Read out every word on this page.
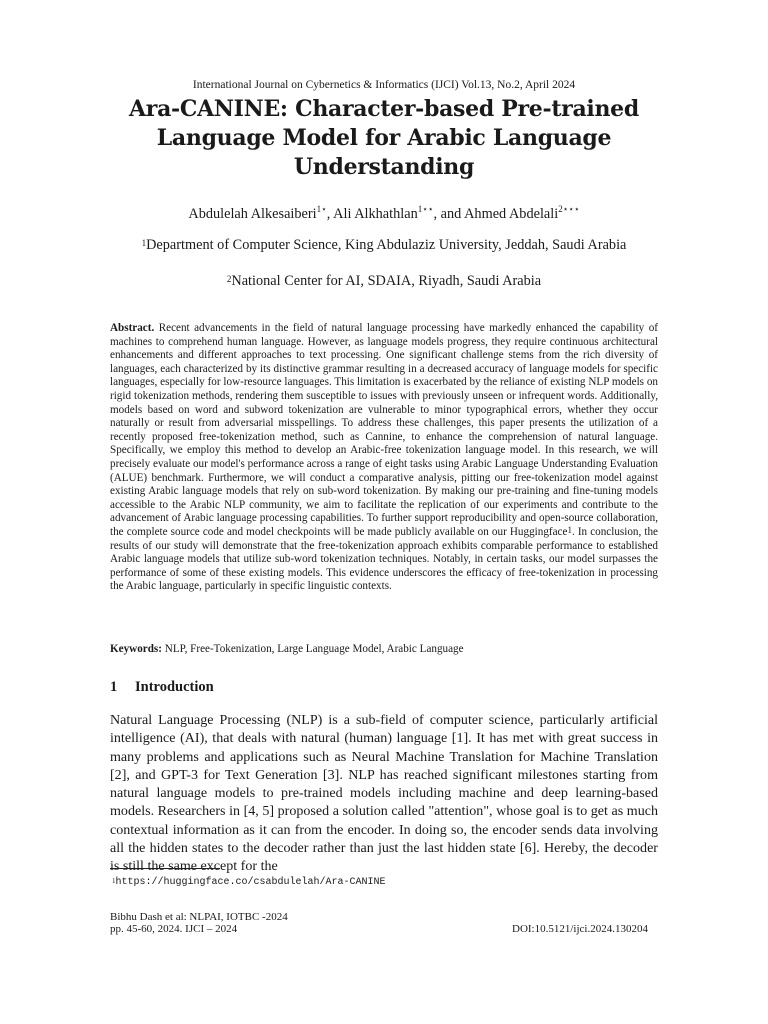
International Journal on Cybernetics & Informatics (IJCI) Vol.13, No.2, April 2024
Ara-CANINE: Character-based Pre-trained
Language Model for Arabic Language
Understanding
Abdulelah Alkesaiberi$^{1⋆}$, Ali Alkhathlan$^{1⋆⋆}$, and Ahmed Abdelali$^{2⋆⋆⋆}$
$^1$Department of Computer Science, King Abdulaziz University, Jeddah, Saudi Arabia
$^2$National Center for AI, SDAIA, Riyadh, Saudi Arabia
Abstract. Recent advancements in the field of natural language processing have markedly enhanced the capability of machines to comprehend human language. However, as language models progress, they require continuous architectural enhancements and different approaches to text processing. One significant challenge stems from the rich diversity of languages, each characterized by its distinctive grammar resulting in a decreased accuracy of language models for specific languages, especially for low-resource languages. This limitation is exacerbated by the reliance of existing NLP models on rigid tokenization methods, rendering them susceptible to issues with previously unseen or infrequent words. Additionally, models based on word and subword tokenization are vulnerable to minor typographical errors, whether they occur naturally or result from adversarial misspellings. To address these challenges, this paper presents the utilization of a recently proposed free-tokenization method, such as Cannine, to enhance the comprehension of natural language. Specifically, we employ this method to develop an Arabic-free tokenization language model. In this research, we will precisely evaluate our model's performance across a range of eight tasks using Arabic Language Understanding Evaluation (ALUE) benchmark. Furthermore, we will conduct a comparative analysis, pitting our free-tokenization model against existing Arabic language models that rely on sub-word tokenization. By making our pre-training and fine-tuning models accessible to the Arabic NLP community, we aim to facilitate the replication of our experiments and contribute to the advancement of Arabic language processing capabilities. To further support reproducibility and open-source collaboration, the complete source code and model checkpoints will be made publicly available on our Huggingface$^1$. In conclusion, the results of our study will demonstrate that the free-tokenization approach exhibits comparable performance to established Arabic language models that utilize sub-word tokenization techniques. Notably, in certain tasks, our model surpasses the performance of some of these existing models. This evidence underscores the efficacy of free-tokenization in processing the Arabic language, particularly in specific linguistic contexts.
Keywords: NLP, Free-Tokenization, Large Language Model, Arabic Language
1 Introduction
Natural Language Processing (NLP) is a sub-field of computer science, particularly artificial intelligence (AI), that deals with natural (human) language [1]. It has met with great success in many problems and applications such as Neural Machine Translation for Machine Translation [2], and GPT-3 for Text Generation [3]. NLP has reached significant milestones starting from natural language models to pre-trained models including machine and deep learning-based models. Researchers in [4, 5] proposed a solution called "attention", whose goal is to get as much contextual information as it can from the encoder. In doing so, the encoder sends data involving all the hidden states to the decoder rather than just the last hidden state [6]. Hereby, the decoder is still the same except for the
$^1$https://huggingface.co/csabdulelah/Ara-CANINE
Bibhu Dash et al: NLPAI, IOTBC -2024
pp. 45-60, 2024. IJCI – 2024	DOI:10.5121/ijci.2024.130204
